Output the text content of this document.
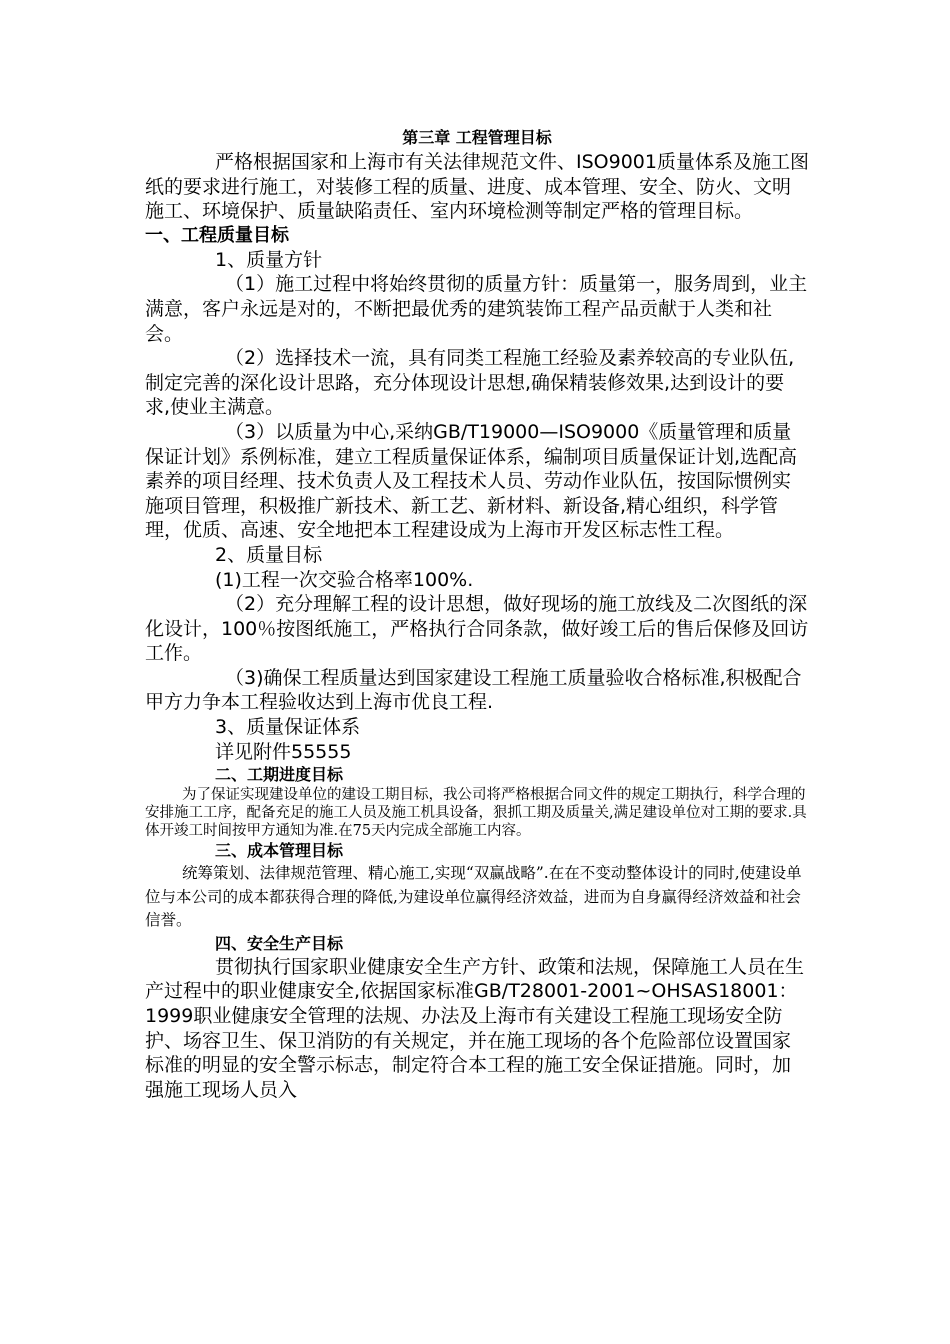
第三章 工程管理目标

严格根据国家和上海市有关法律规范文件、ISO9001质量体系及施工图纸的要求进行施工，对装修工程的质量、进度、成本管理、安全、防火、文明施工、环境保护、质量缺陷责任、室内环境检测等制定严格的管理目标。

一、工程质量目标

1、质量方针

（1）施工过程中将始终贯彻的质量方针：质量第一，服务周到，业主满意，客户永远是对的，不断把最优秀的建筑装饰工程产品贡献于人类和社会。

（2）选择技术一流，具有同类工程施工经验及素养较高的专业队伍,制定完善的深化设计思路，充分体现设计思想,确保精装修效果,达到设计的要求,使业主满意。

（3）以质量为中心,采纳GB/T19000—ISO9000《质量管理和质量保证计划》系例标准，建立工程质量保证体系，编制项目质量保证计划,选配高素养的项目经理、技术负责人及工程技术人员、劳动作业队伍，按国际惯例实施项目管理，积极推广新技术、新工艺、新材料、新设备,精心组织，科学管理，优质、高速、安全地把本工程建设成为上海市开发区标志性工程。

2、质量目标

(1)工程一次交验合格率100%.

（2）充分理解工程的设计思想，做好现场的施工放线及二次图纸的深化设计，100％按图纸施工，严格执行合同条款，做好竣工后的售后保修及回访工作。

（3)确保工程质量达到国家建设工程施工质量验收合格标准,积极配合甲方力争本工程验收达到上海市优良工程.

3、质量保证体系

详见附件55555

二、工期进度目标

为了保证实现建设单位的建设工期目标，我公司将严格根据合同文件的规定工期执行，科学合理的安排施工工序，配备充足的施工人员及施工机具设备，狠抓工期及质量关,满足建设单位对工期的要求.具体开竣工时间按甲方通知为准.在75天内完成全部施工内容。

三、成本管理目标

统筹策划、法律规范管理、精心施工,实现“双赢战略”.在在不变动整体设计的同时,使建设单位与本公司的成本都获得合理的降低,为建设单位赢得经济效益，进而为自身赢得经济效益和社会信誉。

四、安全生产目标

贯彻执行国家职业健康安全生产方针、政策和法规，保障施工人员在生产过程中的职业健康安全,依据国家标准GB/T28001-2001~OHSAS18001：1999职业健康安全管理的法规、办法及上海市有关建设工程施工现场安全防护、场容卫生、保卫消防的有关规定，并在施工现场的各个危险部位设置国家标准的明显的安全警示标志，制定符合本工程的施工安全保证措施。同时，加强施工现场人员入
